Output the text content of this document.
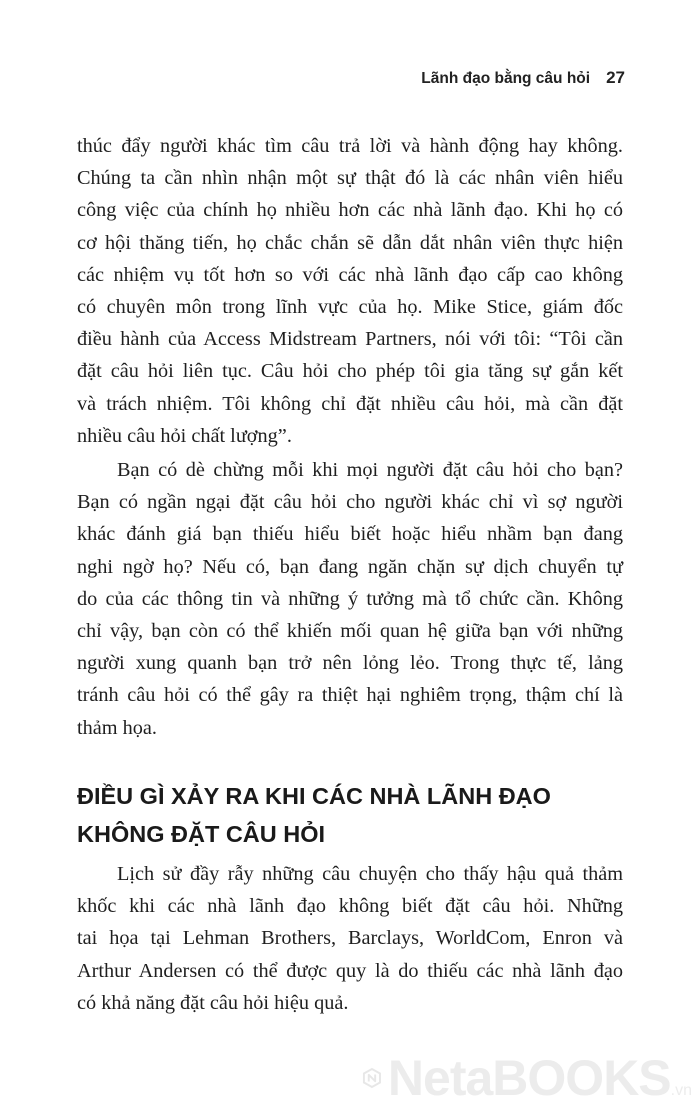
Lãnh đạo bằng câu hỏi 27
thúc đẩy người khác tìm câu trả lời và hành động hay không.
Chúng ta cần nhìn nhận một sự thật đó là các nhân viên hiểu
công việc của chính họ nhiều hơn các nhà lãnh đạo. Khi họ có
cơ hội thăng tiến, họ chắc chắn sẽ dẫn dắt nhân viên thực hiện
các nhiệm vụ tốt hơn so với các nhà lãnh đạo cấp cao không
có chuyên môn trong lĩnh vực của họ. Mike Stice, giám đốc
điều hành của Access Midstream Partners, nói với tôi: “Tôi cần
đặt câu hỏi liên tục. Câu hỏi cho phép tôi gia tăng sự gắn kết
và trách nhiệm. Tôi không chỉ đặt nhiều câu hỏi, mà cần đặt
nhiều câu hỏi chất lượng”.
Bạn có dè chừng mỗi khi mọi người đặt câu hỏi cho bạn?
Bạn có ngần ngại đặt câu hỏi cho người khác chỉ vì sợ người
khác đánh giá bạn thiếu hiểu biết hoặc hiểu nhầm bạn đang
nghi ngờ họ? Nếu có, bạn đang ngăn chặn sự dịch chuyển tự
do của các thông tin và những ý tưởng mà tổ chức cần. Không
chỉ vậy, bạn còn có thể khiến mối quan hệ giữa bạn với những
người xung quanh bạn trở nên lỏng lẻo. Trong thực tế, lảng
tránh câu hỏi có thể gây ra thiệt hại nghiêm trọng, thậm chí là
thảm họa.
ĐIỀU GÌ XẢY RA KHI CÁC NHÀ LÃNH ĐẠO
KHÔNG ĐẶT CÂU HỎI
Lịch sử đầy rẫy những câu chuyện cho thấy hậu quả thảm
khốc khi các nhà lãnh đạo không biết đặt câu hỏi. Những
tai họa tại Lehman Brothers, Barclays, WorldCom, Enron và
Arthur Andersen có thể được quy là do thiếu các nhà lãnh đạo
có khả năng đặt câu hỏi hiệu quả.
NetaBOOKS.vn
